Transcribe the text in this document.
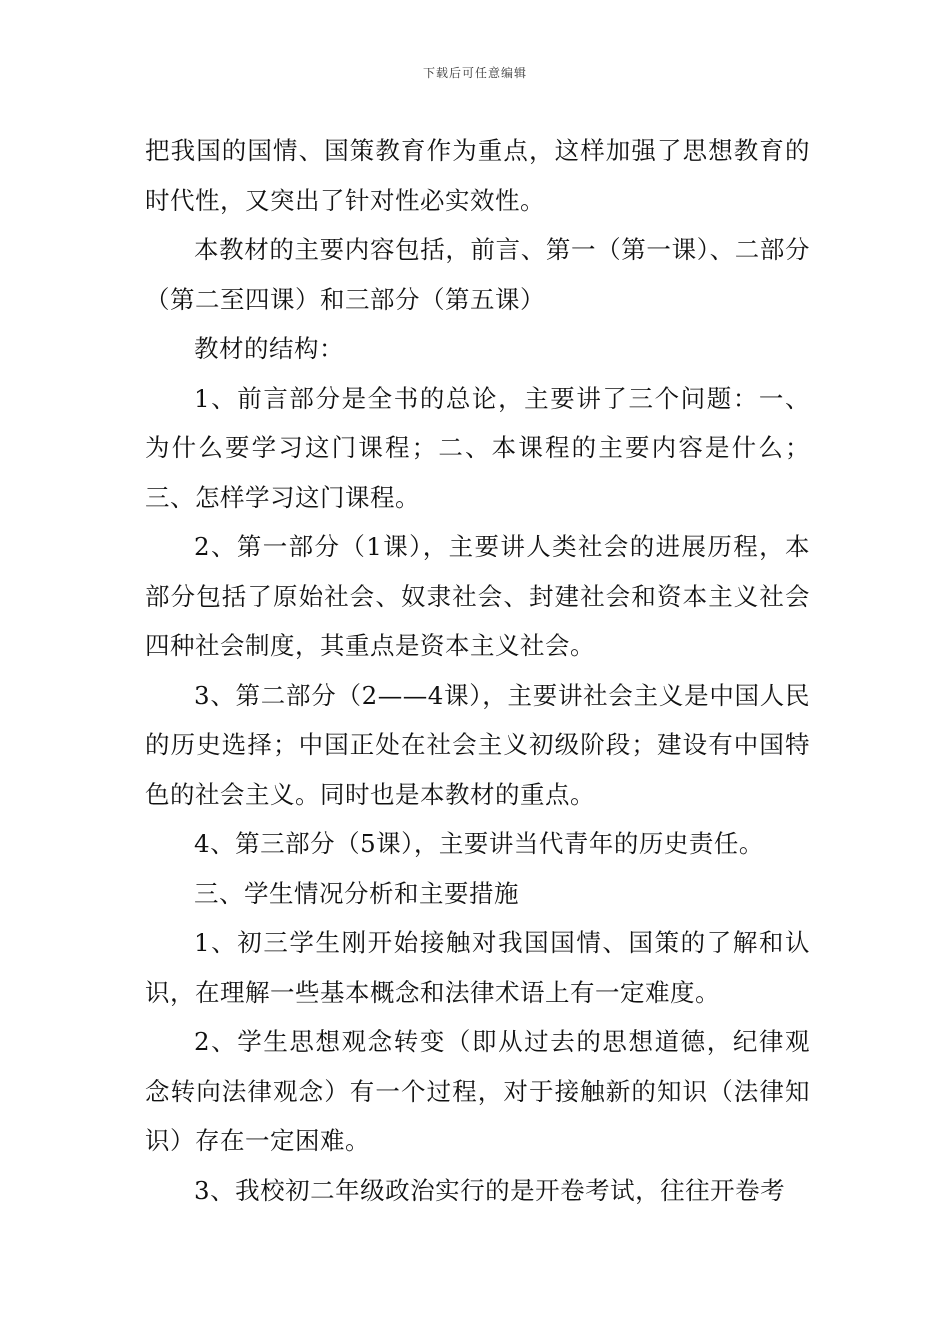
下载后可任意编辑

把我国的国情、国策教育作为重点，这样加强了思想教育的时代性，又突出了针对性必实效性。

本教材的主要内容包括，前言、第一（第一课）、二部分（第二至四课）和三部分（第五课）

教材的结构：

1、前言部分是全书的总论，主要讲了三个问题：一、为什么要学习这门课程；二、本课程的主要内容是什么；三、怎样学习这门课程。

2、第一部分（1课），主要讲人类社会的进展历程，本部分包括了原始社会、奴隶社会、封建社会和资本主义社会四种社会制度，其重点是资本主义社会。

3、第二部分（2——4课），主要讲社会主义是中国人民的历史选择；中国正处在社会主义初级阶段；建设有中国特色的社会主义。同时也是本教材的重点。

4、第三部分（5课），主要讲当代青年的历史责任。

三、学生情况分析和主要措施

1、初三学生刚开始接触对我国国情、国策的了解和认识，在理解一些基本概念和法律术语上有一定难度。

2、学生思想观念转变（即从过去的思想道德，纪律观念转向法律观念）有一个过程，对于接触新的知识（法律知识）存在一定困难。

3、我校初二年级政治实行的是开卷考试，往往开卷考
